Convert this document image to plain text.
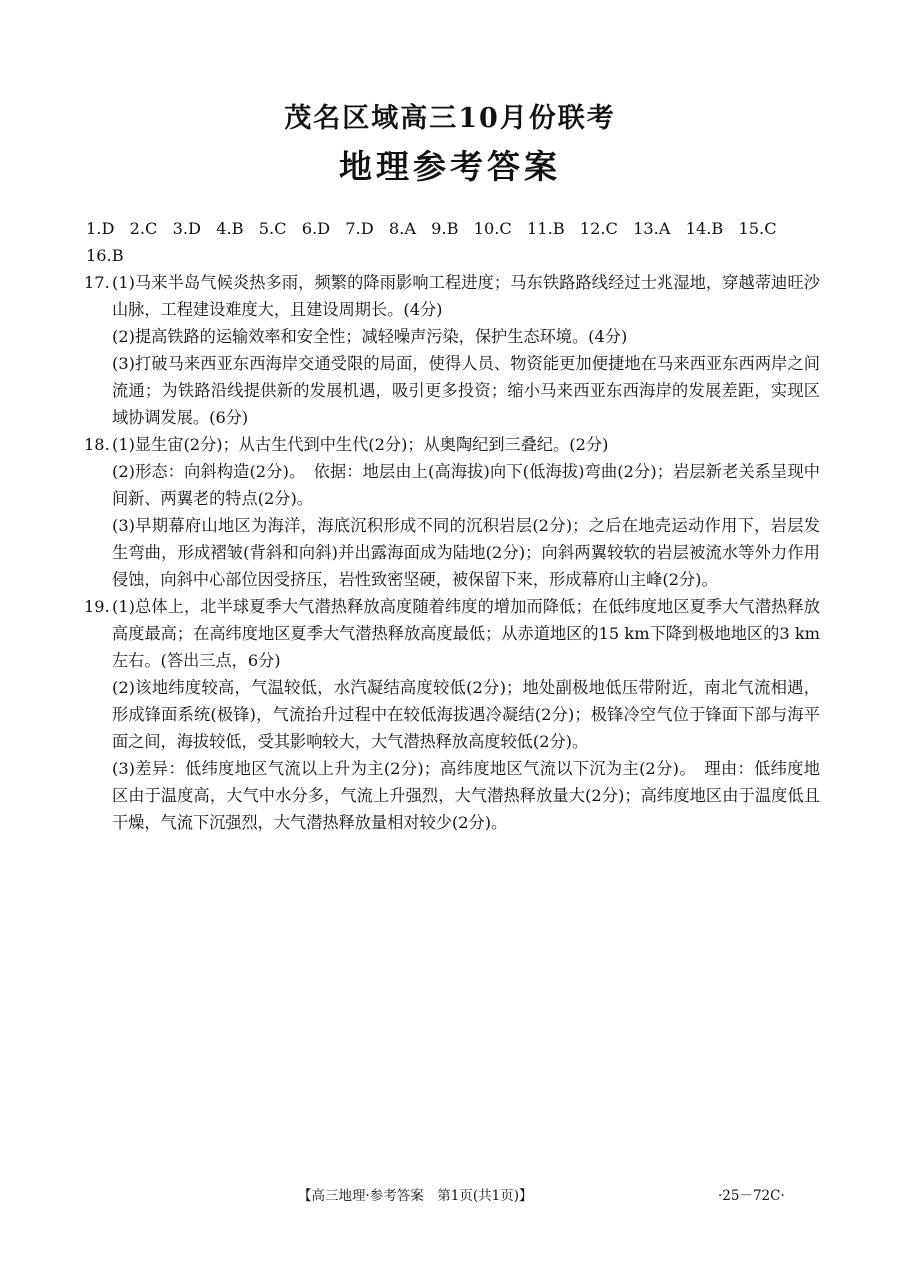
茂名区域高三10月份联考
地理参考答案
1.D 2.C 3.D 4.B 5.C 6.D 7.D 8.A 9.B 10.C 11.B 12.C 13.A 14.B 15.C 16.B
17. (1)马来半岛气候炎热多雨，频繁的降雨影响工程进度；马东铁路路线经过士兆湿地，穿越蒂迪旺沙山脉，工程建设难度大，且建设周期长。(4分)

(2)提高铁路的运输效率和安全性；减轻噪声污染，保护生态环境。(4分)

(3)打破马来西亚东西海岸交通受限的局面，使得人员、物资能更加便捷地在马来西亚东西两岸之间流通；为铁路沿线提供新的发展机遇，吸引更多投资；缩小马来西亚东西海岸的发展差距，实现区域协调发展。(6分)

18. (1)显生宙(2分)；从古生代到中生代(2分)；从奥陶纪到三叠纪。(2分)

(2)形态：向斜构造(2分)。　依据：地层由上(高海拔)向下(低海拔)弯曲(2分)；岩层新老关系呈现中间新、两翼老的特点(2分)。

(3)早期幕府山地区为海洋，海底沉积形成不同的沉积岩层(2分)；之后在地壳运动作用下，岩层发生弯曲，形成褶皱(背斜和向斜)并出露海面成为陆地(2分)；向斜两翼较软的岩层被流水等外力作用侵蚀，向斜中心部位因受挤压，岩性致密坚硬，被保留下来，形成幕府山主峰(2分)。

19. (1)总体上，北半球夏季大气潜热释放高度随着纬度的增加而降低；在低纬度地区夏季大气潜热释放高度最高；在高纬度地区夏季大气潜热释放高度最低；从赤道地区的15 km下降到极地地区的3 km左右。(答出三点，6分)

(2)该地纬度较高，气温较低，水汽凝结高度较低(2分)；地处副极地低压带附近，南北气流相遇，形成锋面系统(极锋)，气流抬升过程中在较低海拔遇冷凝结(2分)；极锋冷空气位于锋面下部与海平面之间，海拔较低，受其影响较大，大气潜热释放高度较低(2分)。

(3)差异：低纬度地区气流以上升为主(2分)；高纬度地区气流以下沉为主(2分)。　理由：低纬度地区由于温度高，大气中水分多，气流上升强烈，大气潜热释放量大(2分)；高纬度地区由于温度低且干燥，气流下沉强烈，大气潜热释放量相对较少(2分)。

【高三地理·参考答案　第1页(共1页)】	·25－72C·
